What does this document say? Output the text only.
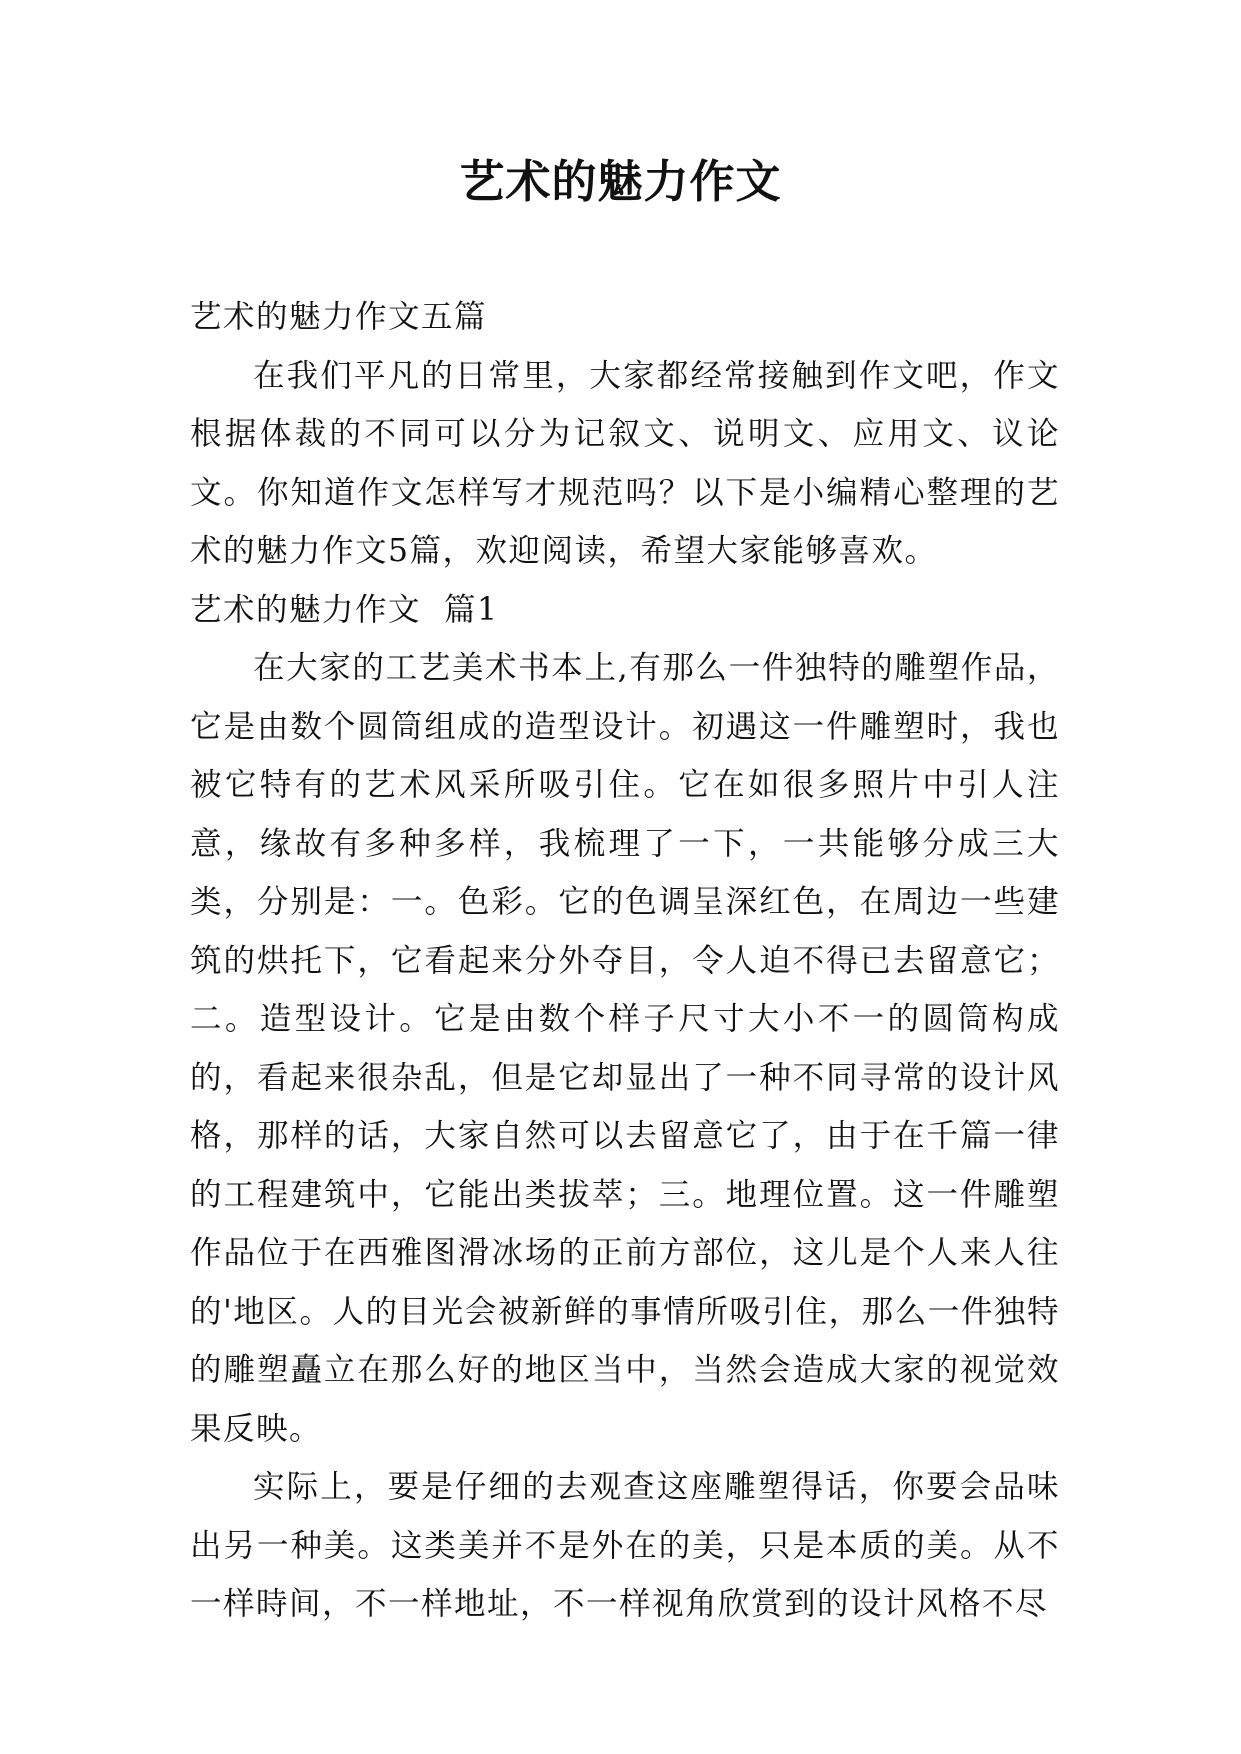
艺术的魅力作文

艺术的魅力作文五篇

在我们平凡的日常里，大家都经常接触到作文吧，作文根据体裁的不同可以分为记叙文、说明文、应用文、议论文。你知道作文怎样写才规范吗？以下是小编精心整理的艺术的魅力作文5篇，欢迎阅读，希望大家能够喜欢。

艺术的魅力作文  篇1

在大家的工艺美术书本上,有那么一件独特的雕塑作品，它是由数个圆筒组成的造型设计。初遇这一件雕塑时，我也被它特有的艺术风采所吸引住。它在如很多照片中引人注意，缘故有多种多样，我梳理了一下，一共能够分成三大类，分别是：一。色彩。它的色调呈深红色，在周边一些建筑的烘托下，它看起来分外夺目，令人迫不得已去留意它；二。造型设计。它是由数个样子尺寸大小不一的圆筒构成的，看起来很杂乱，但是它却显出了一种不同寻常的设计风格，那样的话，大家自然可以去留意它了，由于在千篇一律的工程建筑中，它能出类拔萃；三。地理位置。这一件雕塑作品位于在西雅图滑冰场的正前方部位，这儿是个人来人往的'地区。人的目光会被新鲜的事情所吸引住，那么一件独特的雕塑矗立在那么好的地区当中，当然会造成大家的视觉效果反映。

实际上，要是仔细的去观查这座雕塑得话，你要会品味出另一种美。这类美并不是外在的美，只是本质的美。从不一样時间，不一样地址，不一样视角欣赏到的设计风格不尽
